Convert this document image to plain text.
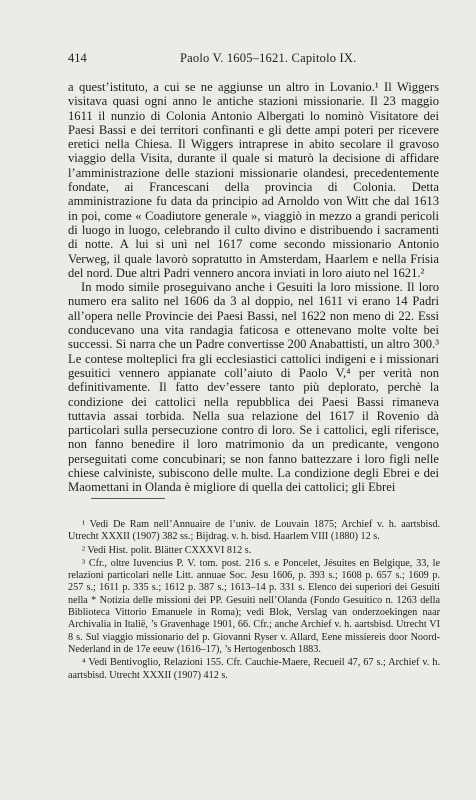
414	Paolo V. 1605–1621. Capitolo IX.

a quest’istituto, a cui se ne aggiunse un altro in Lovanio.¹ Il Wiggers visitava quasi ogni anno le antiche stazioni missionarie. Il 23 maggio 1611 il nunzio di Colonia Antonio Albergati lo nominò Visitatore dei Paesi Bassi e dei territori confinanti e gli dette ampi poteri per ricevere eretici nella Chiesa. Il Wiggers intraprese in abito secolare il gravoso viaggio della Visita, durante il quale si maturò la decisione di affidare l’amministrazione delle stazioni missionarie olandesi, precedentemente fondate, ai Francescani della provincia di Colonia. Detta amministrazione fu data da principio ad Arnoldo von Witt che dal 1613 in poi, come « Coadiutore generale », viaggiò in mezzo a grandi pericoli di luogo in luogo, celebrando il culto divino e distribuendo i sacramenti di notte. A lui si unì nel 1617 come secondo missionario Antonio Verweg, il quale lavorò sopratutto in Amsterdam, Haarlem e nella Frisia del nord. Due altri Padri vennero ancora inviati in loro aiuto nel 1621.²

In modo simile proseguivano anche i Gesuiti la loro missione. Il loro numero era salito nel 1606 da 3 al doppio, nel 1611 vi erano 14 Padri all’opera nelle Provincie dei Paesi Bassi, nel 1622 non meno di 22. Essi conducevano una vita randagia faticosa e ottenevano molte volte bei successi. Si narra che un Padre convertisse 200 Anabattisti, un altro 300.³ Le contese molteplici fra gli ecclesiastici cattolici indigeni e i missionari gesuitici vennero appianate coll’aiuto di Paolo V,⁴ per verità non definitivamente. Il fatto dev’essere tanto più deplorato, perchè la condizione dei cattolici nella repubblica dei Paesi Bassi rimaneva tuttavia assai torbida. Nella sua relazione del 1617 il Rovenio dà particolari sulla persecuzione contro di loro. Se i cattolici, egli riferisce, non fanno benedire il loro matrimonio da un predicante, vengono perseguitati come concubinari; se non fanno battezzare i loro figli nelle chiese calviniste, subiscono delle multe. La condizione degli Ebrei e dei Maomettani in Olanda è migliore di quella dei cattolici; gli Ebrei

¹ Vedi De Ram nell’Annuaire de l’univ. de Louvain 1875; Archief v. h. aartsbisd. Utrecht XXXII (1907) 382 ss.; Bijdrag. v. h. bisd. Haarlem VIII (1880) 12 s.

² Vedi Hist. polit. Blätter CXXXVI 812 s.

³ Cfr., oltre Iuvencius P. V. tom. post. 216 s. e Poncelet, Jésuites en Belgique, 33, le relazioni particolari nelle Litt. annuae Soc. Jesu 1606, p. 393 s.; 1608 p. 657 s.; 1609 p. 257 s.; 1611 p. 335 s.; 1612 p. 387 s.; 1613–14 p. 331 s. Elenco dei superiori dei Gesuiti nella * Notizia delle missioni dei PP. Gesuiti nell’Olanda (Fondo Gesuitico n. 1263 della Biblioteca Vittorio Emanuele in Roma); vedi Blok, Verslag van onderzoekingen naar Archivalia in Italië, ’s Gravenhage 1901, 66. Cfr.; anche Archief v. h. aartsbisd. Utrecht VI 8 s. Sul viaggio missionario del p. Giovanni Ryser v. Allard, Eene missiereis door Noord-Nederland in de 17e eeuw (1616–17), ’s Hertogenbosch 1883.

⁴ Vedi Bentivoglio, Relazioni 155. Cfr. Cauchie-Maere, Recueil 47, 67 s.; Archief v. h. aartsbisd. Utrecht XXXII (1907) 412 s.
